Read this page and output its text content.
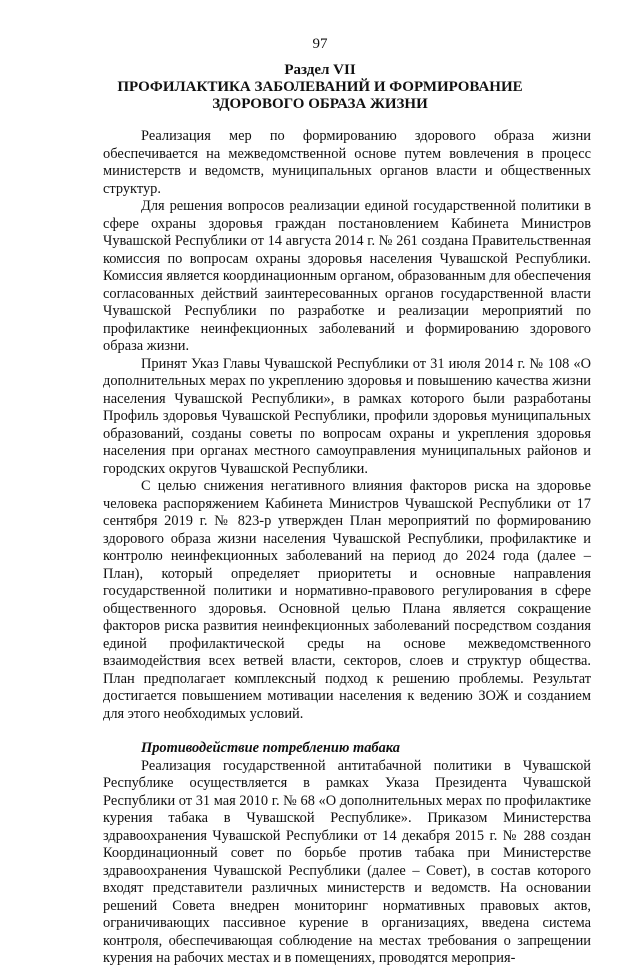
97
Раздел VII
ПРОФИЛАКТИКА ЗАБОЛЕВАНИЙ И ФОРМИРОВАНИЕ
ЗДОРОВОГО ОБРАЗА ЖИЗНИ

Реализация мер по формированию здорового образа жизни обеспечивается на межведомственной основе путем вовлечения в процесс министерств и ведомств, муниципальных органов власти и общественных структур.

Для решения вопросов реализации единой государственной политики в сфере охраны здоровья граждан постановлением Кабинета Министров Чувашской Республики от 14 августа 2014 г. № 261 создана Правительственная комиссия по вопросам охраны здоровья населения Чувашской Республики. Комиссия является координационным органом, образованным для обеспечения согласованных действий заинтересованных органов государственной власти Чувашской Республики по разработке и реализации мероприятий по профилактике неинфекционных заболеваний и формированию здорового образа жизни.

Принят Указ Главы Чувашской Республики от 31 июля 2014 г. № 108 «О дополнительных мерах по укреплению здоровья и повышению качества жизни населения Чувашской Республики», в рамках которого были разработаны Профиль здоровья Чувашской Республики, профили здоровья муниципальных образований, созданы советы по вопросам охраны и укрепления здоровья населения при органах местного самоуправления муниципальных районов и городских округов Чувашской Республики.

С целью снижения негативного влияния факторов риска на здоровье человека распоряжением Кабинета Министров Чувашской Республики от 17 сентября 2019 г. № 823-р утвержден План мероприятий по формированию здорового образа жизни населения Чувашской Республики, профилактике и контролю неинфекционных заболеваний на период до 2024 года (далее – План), который определяет приоритеты и основные направления государственной политики и нормативно-правового регулирования в сфере общественного здоровья. Основной целью Плана является сокращение факторов риска развития неинфекционных заболеваний посредством создания единой профилактической среды на основе межведомственного взаимодействия всех ветвей власти, секторов, слоев и структур общества. План предполагает комплексный подход к решению проблемы. Результат достигается повышением мотивации населения к ведению ЗОЖ и созданием для этого необходимых условий.

Противодействие потреблению табака

Реализация государственной антитабачной политики в Чувашской Республике осуществляется в рамках Указа Президента Чувашской Республики от 31 мая 2010 г. № 68 «О дополнительных мерах по профилактике курения табака в Чувашской Республике». Приказом Министерства здравоохранения Чувашской Республики от 14 декабря 2015 г. № 288 создан Координационный совет по борьбе против табака при Министерстве здравоохранения Чувашской Республики (далее – Совет), в состав которого входят представители различных министерств и ведомств. На основании решений Совета внедрен мониторинг нормативных правовых актов, ограничивающих пассивное курение в организациях, введена система контроля, обеспечивающая соблюдение на местах требования о запрещении курения на рабочих местах и в помещениях, проводятся мероприя-
